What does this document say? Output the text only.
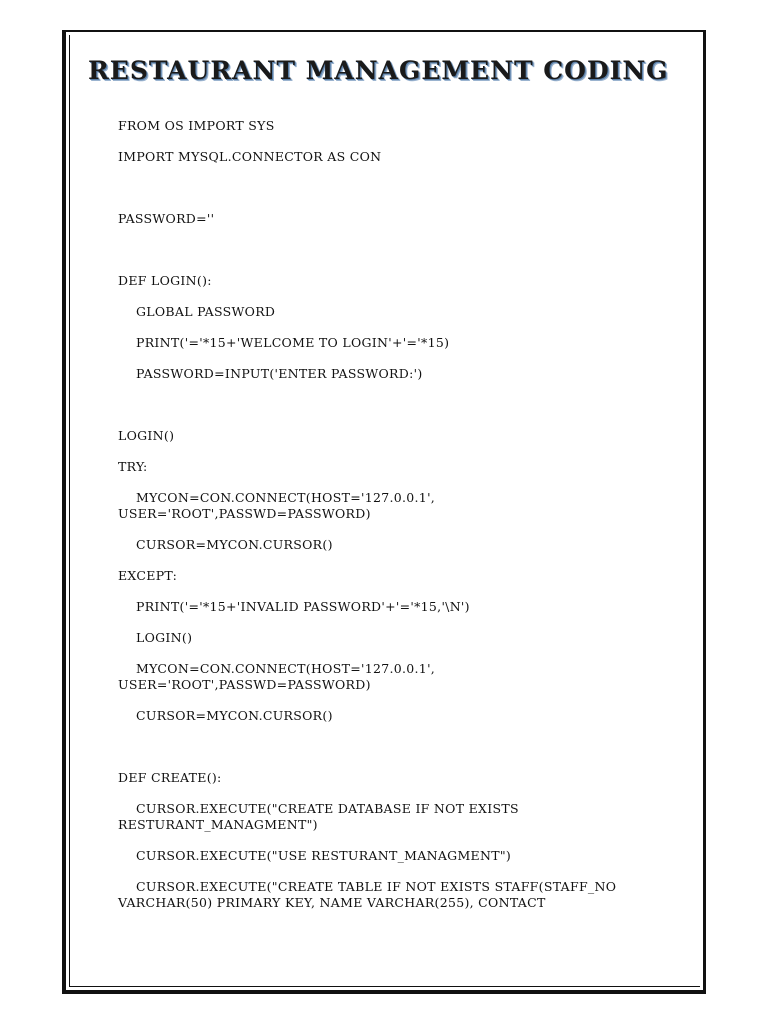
RESTAURANT MANAGEMENT CODING
FROM OS IMPORT SYS
IMPORT MYSQL.CONNECTOR AS CON
PASSWORD=''
DEF LOGIN():
GLOBAL PASSWORD
PRINT('='*15+'WELCOME TO LOGIN'+'='*15)
PASSWORD=INPUT('ENTER PASSWORD:')
LOGIN()
TRY:
MYCON=CON.CONNECT(HOST='127.0.0.1', USER='ROOT',PASSWD=PASSWORD)
CURSOR=MYCON.CURSOR()
EXCEPT:
PRINT('='*15+'INVALID PASSWORD'+'='*15,'\N')
LOGIN()
MYCON=CON.CONNECT(HOST='127.0.0.1', USER='ROOT',PASSWD=PASSWORD)
CURSOR=MYCON.CURSOR()
DEF CREATE():
CURSOR.EXECUTE("CREATE DATABASE IF NOT EXISTS RESTURANT_MANAGMENT")
CURSOR.EXECUTE("USE RESTURANT_MANAGMENT")
CURSOR.EXECUTE("CREATE TABLE IF NOT EXISTS STAFF(STAFF_NO VARCHAR(50) PRIMARY KEY, NAME VARCHAR(255), CONTACT
